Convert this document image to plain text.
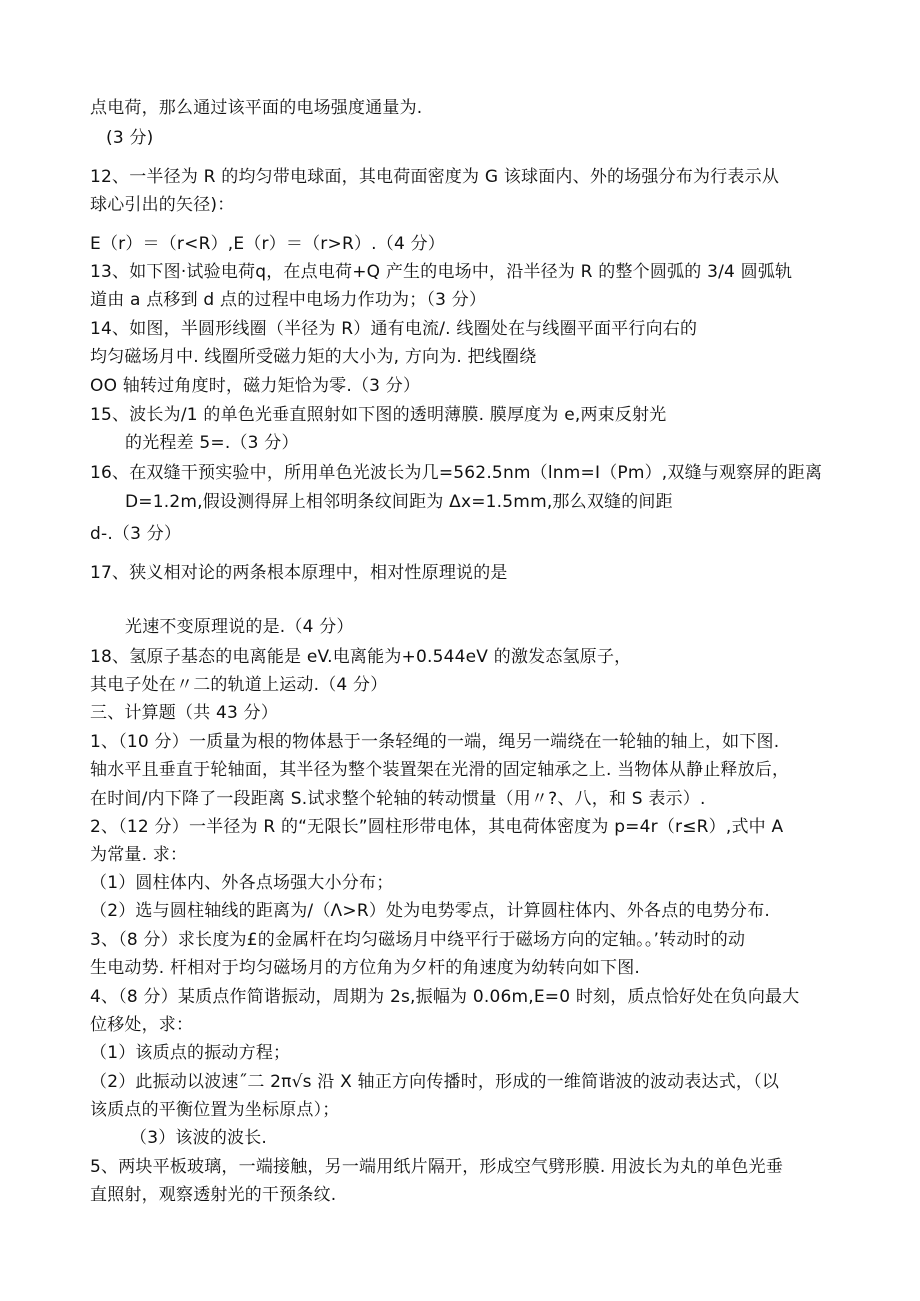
点电荷，那么通过该平面的电场强度通量为.
(3 分)
12、一半径为 R 的均匀带电球面，其电荷面密度为 G 该球面内、外的场强分布为行表示从
球心引出的矢径)：
E（r）＝（r<R）,E（r）＝（r>R）.（4 分）
13、如下图·试验电荷q，在点电荷+Q 产生的电场中，沿半径为 R 的整个圆弧的 3/4 圆弧轨
道由 a 点移到 d 点的过程中电场力作功为；（3 分）
14、如图，半圆形线圈（半径为 R）通有电流/. 线圈处在与线圈平面平行向右的
均匀磁场月中. 线圈所受磁力矩的大小为, 方向为. 把线圈绕
OO 轴转过角度时，磁力矩恰为零.（3 分）
15、波长为/1 的单色光垂直照射如下图的透明薄膜. 膜厚度为 e,两束反射光
的光程差 5=.（3 分）
16、在双缝干预实验中，所用单色光波长为几=562.5nm（lnm=I（Pm）,双缝与观察屏的距离
D=1.2m,假设测得屏上相邻明条纹间距为 Δx=1.5mm,那么双缝的间距
d-.（3 分）
17、狭义相对论的两条根本原理中，相对性原理说的是
光速不变原理说的是.（4 分）
18、氢原子基态的电离能是 eV.电离能为+0.544eV 的激发态氢原子，
其电子处在〃二的轨道上运动.（4 分）
三、计算题（共 43 分）
1、（10 分）一质量为根的物体悬于一条轻绳的一端，绳另一端绕在一轮轴的轴上，如下图.
轴水平且垂直于轮轴面，其半径为整个装置架在光滑的固定轴承之上. 当物体从静止释放后，
在时间/内下降了一段距离 S.试求整个轮轴的转动惯量（用〃?、八，和 S 表示）.
2、（12 分）一半径为 R 的“无限长”圆柱形带电体，其电荷体密度为 p=4r（r≤R）,式中 A
为常量. 求：
（1）圆柱体内、外各点场强大小分布；
（2）选与圆柱轴线的距离为/（Λ>R）处为电势零点，计算圆柱体内、外各点的电势分布.
3、（8 分）求长度为£的金属杆在均匀磁场月中绕平行于磁场方向的定轴。。’转动时的动
生电动势. 杆相对于均匀磁场月的方位角为夕杆的角速度为幼转向如下图.
4、（8 分）某质点作简谐振动，周期为 2s,振幅为 0.06m,E=0 时刻，质点恰好处在负向最大
位移处，求：
（1）该质点的振动方程；
（2）此振动以波速˝二 2π√s 沿 X 轴正方向传播时，形成的一维简谐波的波动表达式，（以
该质点的平衡位置为坐标原点）；
（3）该波的波长.
5、两块平板玻璃，一端接触，另一端用纸片隔开，形成空气劈形膜. 用波长为丸的单色光垂
直照射，观察透射光的干预条纹.
